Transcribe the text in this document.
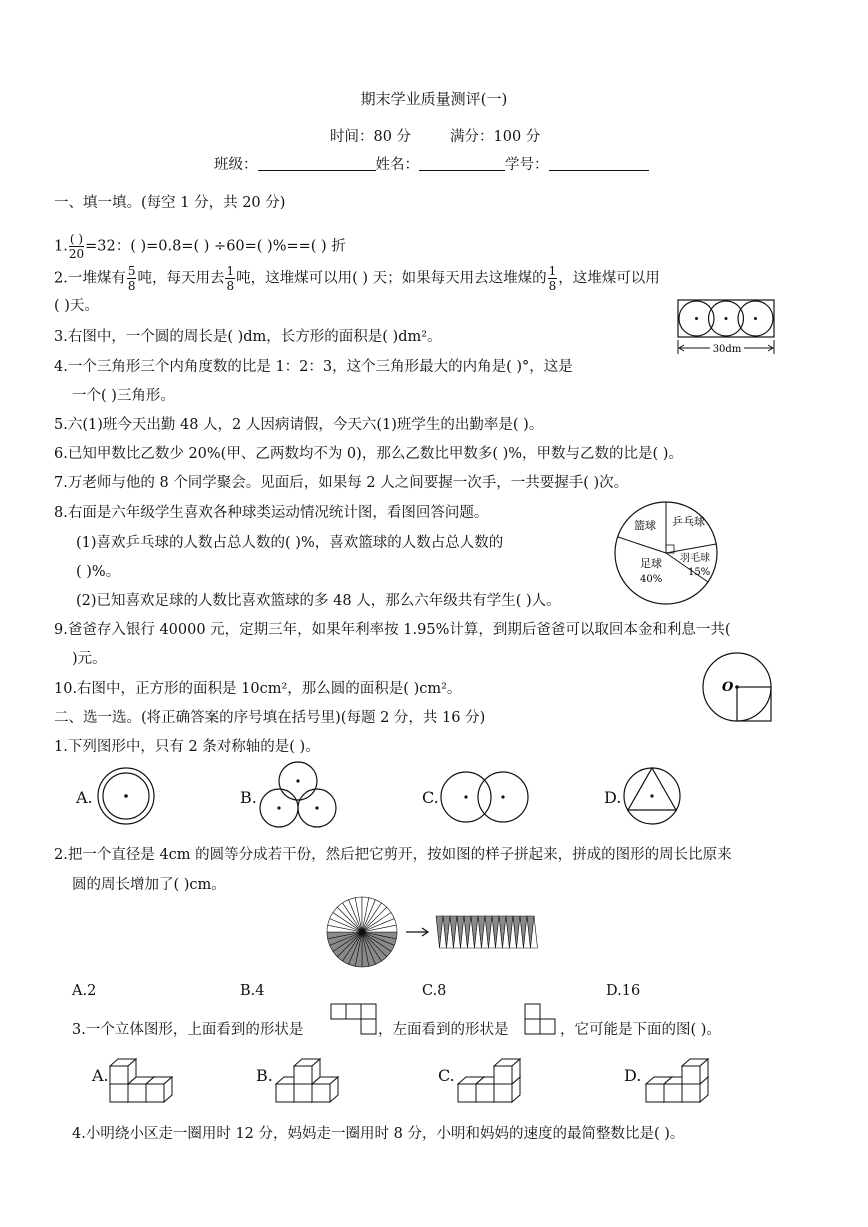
期末学业质量测评(一)
时间：80 分	满分：100 分
班级：	姓名：	学号：
一、填一填。(每空 1 分，共 20 分)
1. $\frac{( )}{20} =32$：( )=0.8=( ) ÷60=( )%==( ) 折
2.一堆煤有 $\frac{5}{8}$ 吨，每天用去 $\frac{1}{8}$ 吨，这堆煤可以用( ) 天；如果每天用去这堆煤的 $\frac{1}{8}$ ，这堆煤可以用
( )天。
3.右图中，一个圆的周长是( )dm，长方形的面积是( )dm²。
30dm
4.一个三角形三个内角度数的比是 1：2：3，这个三角形最大的内角是( )°，这是
一个( )三角形。
5.六(1)班今天出勤 48 人，2 人因病请假，今天六(1)班学生的出勤率是( )。
6.已知甲数比乙数少 20%(甲、乙两数均不为 0)，那么乙数比甲数多( )%，甲数与乙数的比是( )。
7.万老师与他的 8 个同学聚会。见面后，如果每 2 人之间要握一次手，一共要握手( )次。
8.右面是六年级学生喜欢各种球类运动情况统计图，看图回答问题。
(1)喜欢乒乓球的人数占总人数的( )%，喜欢篮球的人数占总人数的
( )%。
(2)已知喜欢足球的人数比喜欢篮球的多 48 人，那么六年级共有学生( )人。
篮球 乒乓球
足球
40%
羽毛球
15%
9.爸爸存入银行 40000 元，定期三年，如果年利率按 1.95%计算，到期后爸爸可以取回本金和利息一共(
)元。
10.右图中，正方形的面积是 10cm²，那么圆的面积是( )cm²。	O
二、选一选。(将正确答案的序号填在括号里)(每题 2 分，共 16 分)
1.下列图形中，只有 2 条对称轴的是( )。
A.	B.	C.	D.
2.把一个直径是 4cm 的圆等分成若干份，然后把它剪开，按如图的样子拼起来，拼成的图形的周长比原来
圆的周长增加了( )cm。
A.2	B.4	C.8	D.16
3.一个立体图形，上面看到的形状是	，左面看到的形状是	，它可能是下面的图( )。
A.	B.	C.	D.
4.小明绕小区走一圈用时 12 分，妈妈走一圈用时 8 分，小明和妈妈的速度的最简整数比是( )。
